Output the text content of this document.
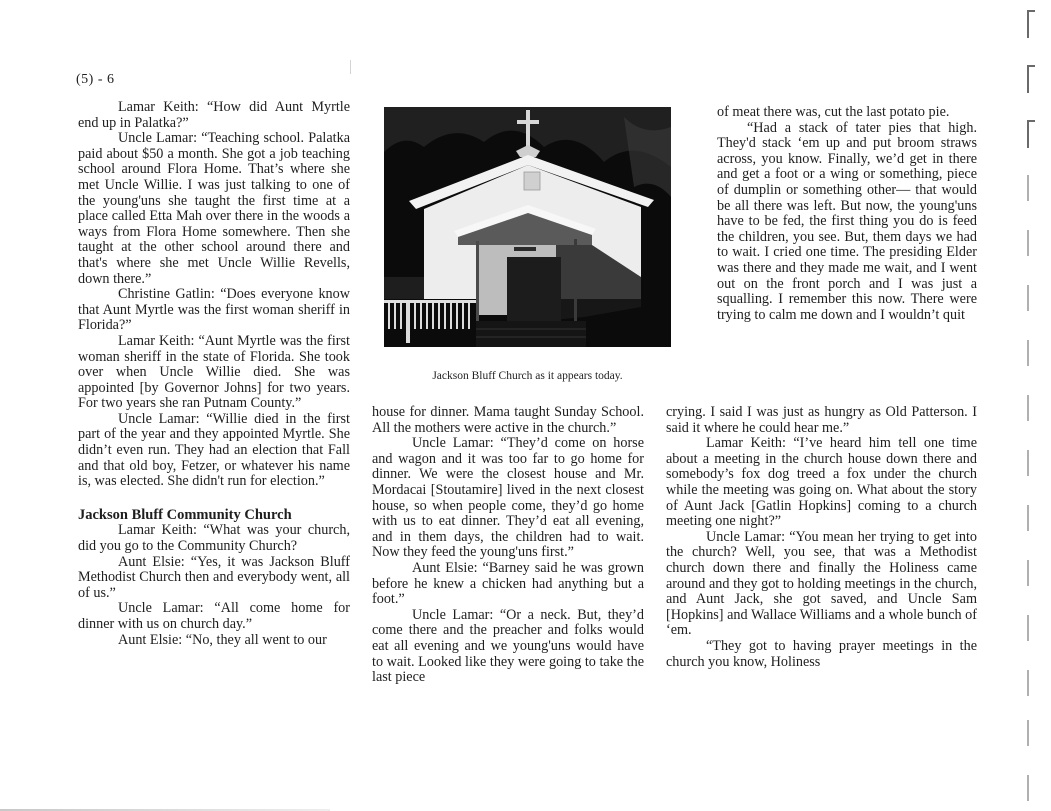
(5) - 6

Lamar Keith: “How did Aunt Myrtle end up in Palatka?”

Uncle Lamar: “Teaching school. Palatka paid about $50 a month. She got a job teaching school around Flora Home. That’s where she met Uncle Willie. I was just talking to one of the young'uns she taught the first time at a place called Etta Mah over there in the woods a ways from Flora Home somewhere. Then she taught at the other school around there and that's where she met Uncle Willie Revells, down there.”

Christine Gatlin: “Does everyone know that Aunt Myrtle was the first woman sheriff in Florida?”

Lamar Keith: “Aunt Myrtle was the first woman sheriff in the state of Florida. She took over when Uncle Willie died. She was appointed [by Governor Johns] for two years. For two years she ran Putnam County.”

Uncle Lamar: “Willie died in the first part of the year and they appointed Myrtle. She didn’t even run. They had an election that Fall and that old boy, Fetzer, or whatever his name is, was elected. She didn't run for election.”

Jackson Bluff Community Church

Lamar Keith: “What was your church, did you go to the Community Church?

Aunt Elsie: “Yes, it was Jackson Bluff Methodist Church then and everybody went, all of us.”

Uncle Lamar: “All come home for dinner with us on church day.”

Aunt Elsie: “No, they all went to our

Jackson Bluff Church as it appears today.

house for dinner. Mama taught Sunday School. All the mothers were active in the church.”

Uncle Lamar: “They’d come on horse and wagon and it was too far to go home for dinner. We were the closest house and Mr. Mordacai [Stoutamire] lived in the next closest house, so when people come, they’d go home with us to eat dinner. They’d eat all evening, and in them days, the children had to wait. Now they feed the young'uns first.”

Aunt Elsie: “Barney said he was grown before he knew a chicken had anything but a foot.”

Uncle Lamar: “Or a neck. But, they’d come there and the preacher and folks would eat all evening and we young'uns would have to wait. Looked like they were going to take the last piece

of meat there was, cut the last potato pie.

“Had a stack of tater pies that high. They'd stack ‘em up and put broom straws across, you know. Finally, we’d get in there and get a foot or a wing or something, piece of dumplin or something other— that would be all there was left. But now, the young'uns have to be fed, the first thing you do is feed the children, you see. But, them days we had to wait. I cried one time. The presiding Elder was there and they made me wait, and I went out on the front porch and I was just a squalling. I remember this now. There were trying to calm me down and I wouldn’t quit

crying. I said I was just as hungry as Old Patterson. I said it where he could hear me.”

Lamar Keith: “I’ve heard him tell one time about a meeting in the church house down there and somebody’s fox dog treed a fox under the church while the meeting was going on. What about the story of Aunt Jack [Gatlin Hopkins] coming to a church meeting one night?”

Uncle Lamar: “You mean her trying to get into the church? Well, you see, that was a Methodist church down there and finally the Holiness came around and they got to holding meetings in the church, and Aunt Jack, she got saved, and Uncle Sam [Hopkins] and Wallace Williams and a whole bunch of ‘em.

“They got to having prayer meetings in the church you know, Holiness
